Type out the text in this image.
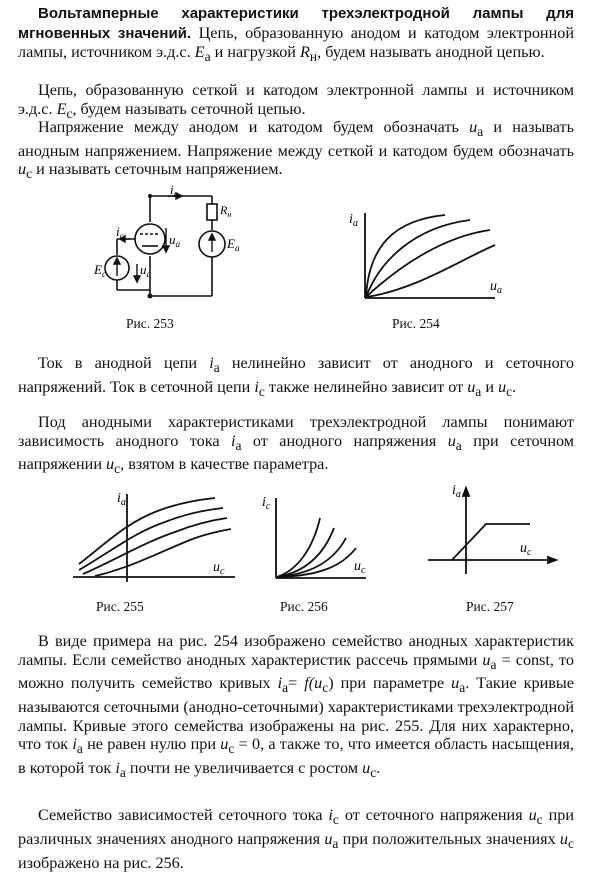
Вольтамперные характеристики трехэлектродной лампы для мгновенных значений. Цепь, образованную анодом и катодом электронной лампы, источником э.д.с. $E_a$ и нагрузкой $R_н$, будем называть анодной цепью.

Цепь, образованную сеткой и катодом электронной лампы и источником э.д.с. $E_c$, будем называть сеточной цепью.

Напряжение между анодом и катодом будем обозначать $u_a$ и называть анодным напряжением. Напряжение между сеткой и катодом будем обозначать $u_c$ и называть сеточным напряжением.

$i_a$
$i_c$	$u_a$
$u_c$
$E_c$
$E_a$
$R_н$
Рис. 253
$i_a$
$u_a$
Рис. 254

Ток в анодной цепи $i_a$ нелинейно зависит от анодного и сеточного напряжений. Ток в сеточной цепи $i_c$ также нелинейно зависит от $u_a$ и $u_c$.

Под анодными характеристиками трехэлектродной лампы понимают зависимость анодного тока $i_a$ от анодного напряжения $u_a$ при сеточном напряжении $u_c$, взятом в качестве параметра.

$i_a$
$u_c$
Рис. 255
$i_c$
$u_c$
Рис. 256
$i_a$
$u_c$
Рис. 257

В виде примера на рис. 254 изображено семейство анодных характеристик лампы. Если семейство анодных характеристик рассечь прямыми $u_a$ = const, то можно получить семейство кривых $i_a= f(u_c)$ при параметре $u_a$. Такие кривые называются сеточными (анодно-сеточными) характеристиками трехэлектродной лампы. Кривые этого семейства изображены на рис. 255. Для них характерно, что ток $i_a$ не равен нулю при $u_c = 0$, а также то, что имеется область насыщения, в которой ток $i_a$ почти не увеличивается с ростом $u_c$.

Семейство зависимостей сеточного тока $i_c$ от сеточного напряжения $u_c$ при различных значениях анодного напряжения $u_a$ при положительных значениях $u_c$ изображено на рис. 256.
